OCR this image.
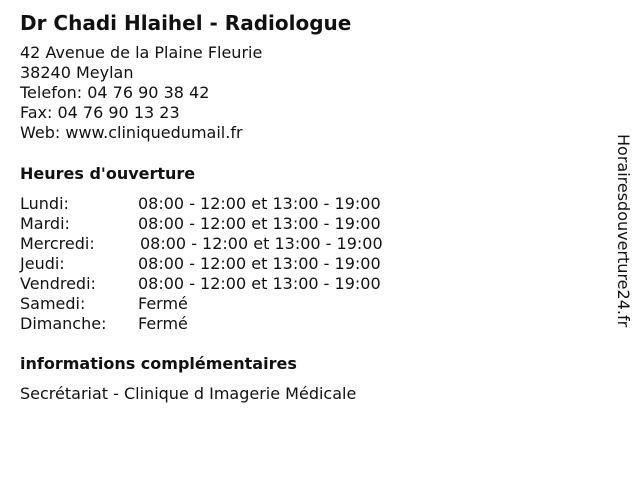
Dr Chadi Hlaihel - Radiologue
42 Avenue de la Plaine Fleurie
38240 Meylan
Telefon: 04 76 90 38 42
Fax: 04 76 90 13 23
Web: www.cliniquedumail.fr
Heures d'ouverture
Lundi:	08:00 - 12:00 et 13:00 - 19:00
Mardi:	08:00 - 12:00 et 13:00 - 19:00
Mercredi:	08:00 - 12:00 et 13:00 - 19:00
Jeudi:	08:00 - 12:00 et 13:00 - 19:00
Vendredi:	08:00 - 12:00 et 13:00 - 19:00
Samedi:	Fermé
Dimanche: Fermé
informations complémentaires
Secrétariat - Clinique d Imagerie Médicale
Horairesdouverture24.fr
